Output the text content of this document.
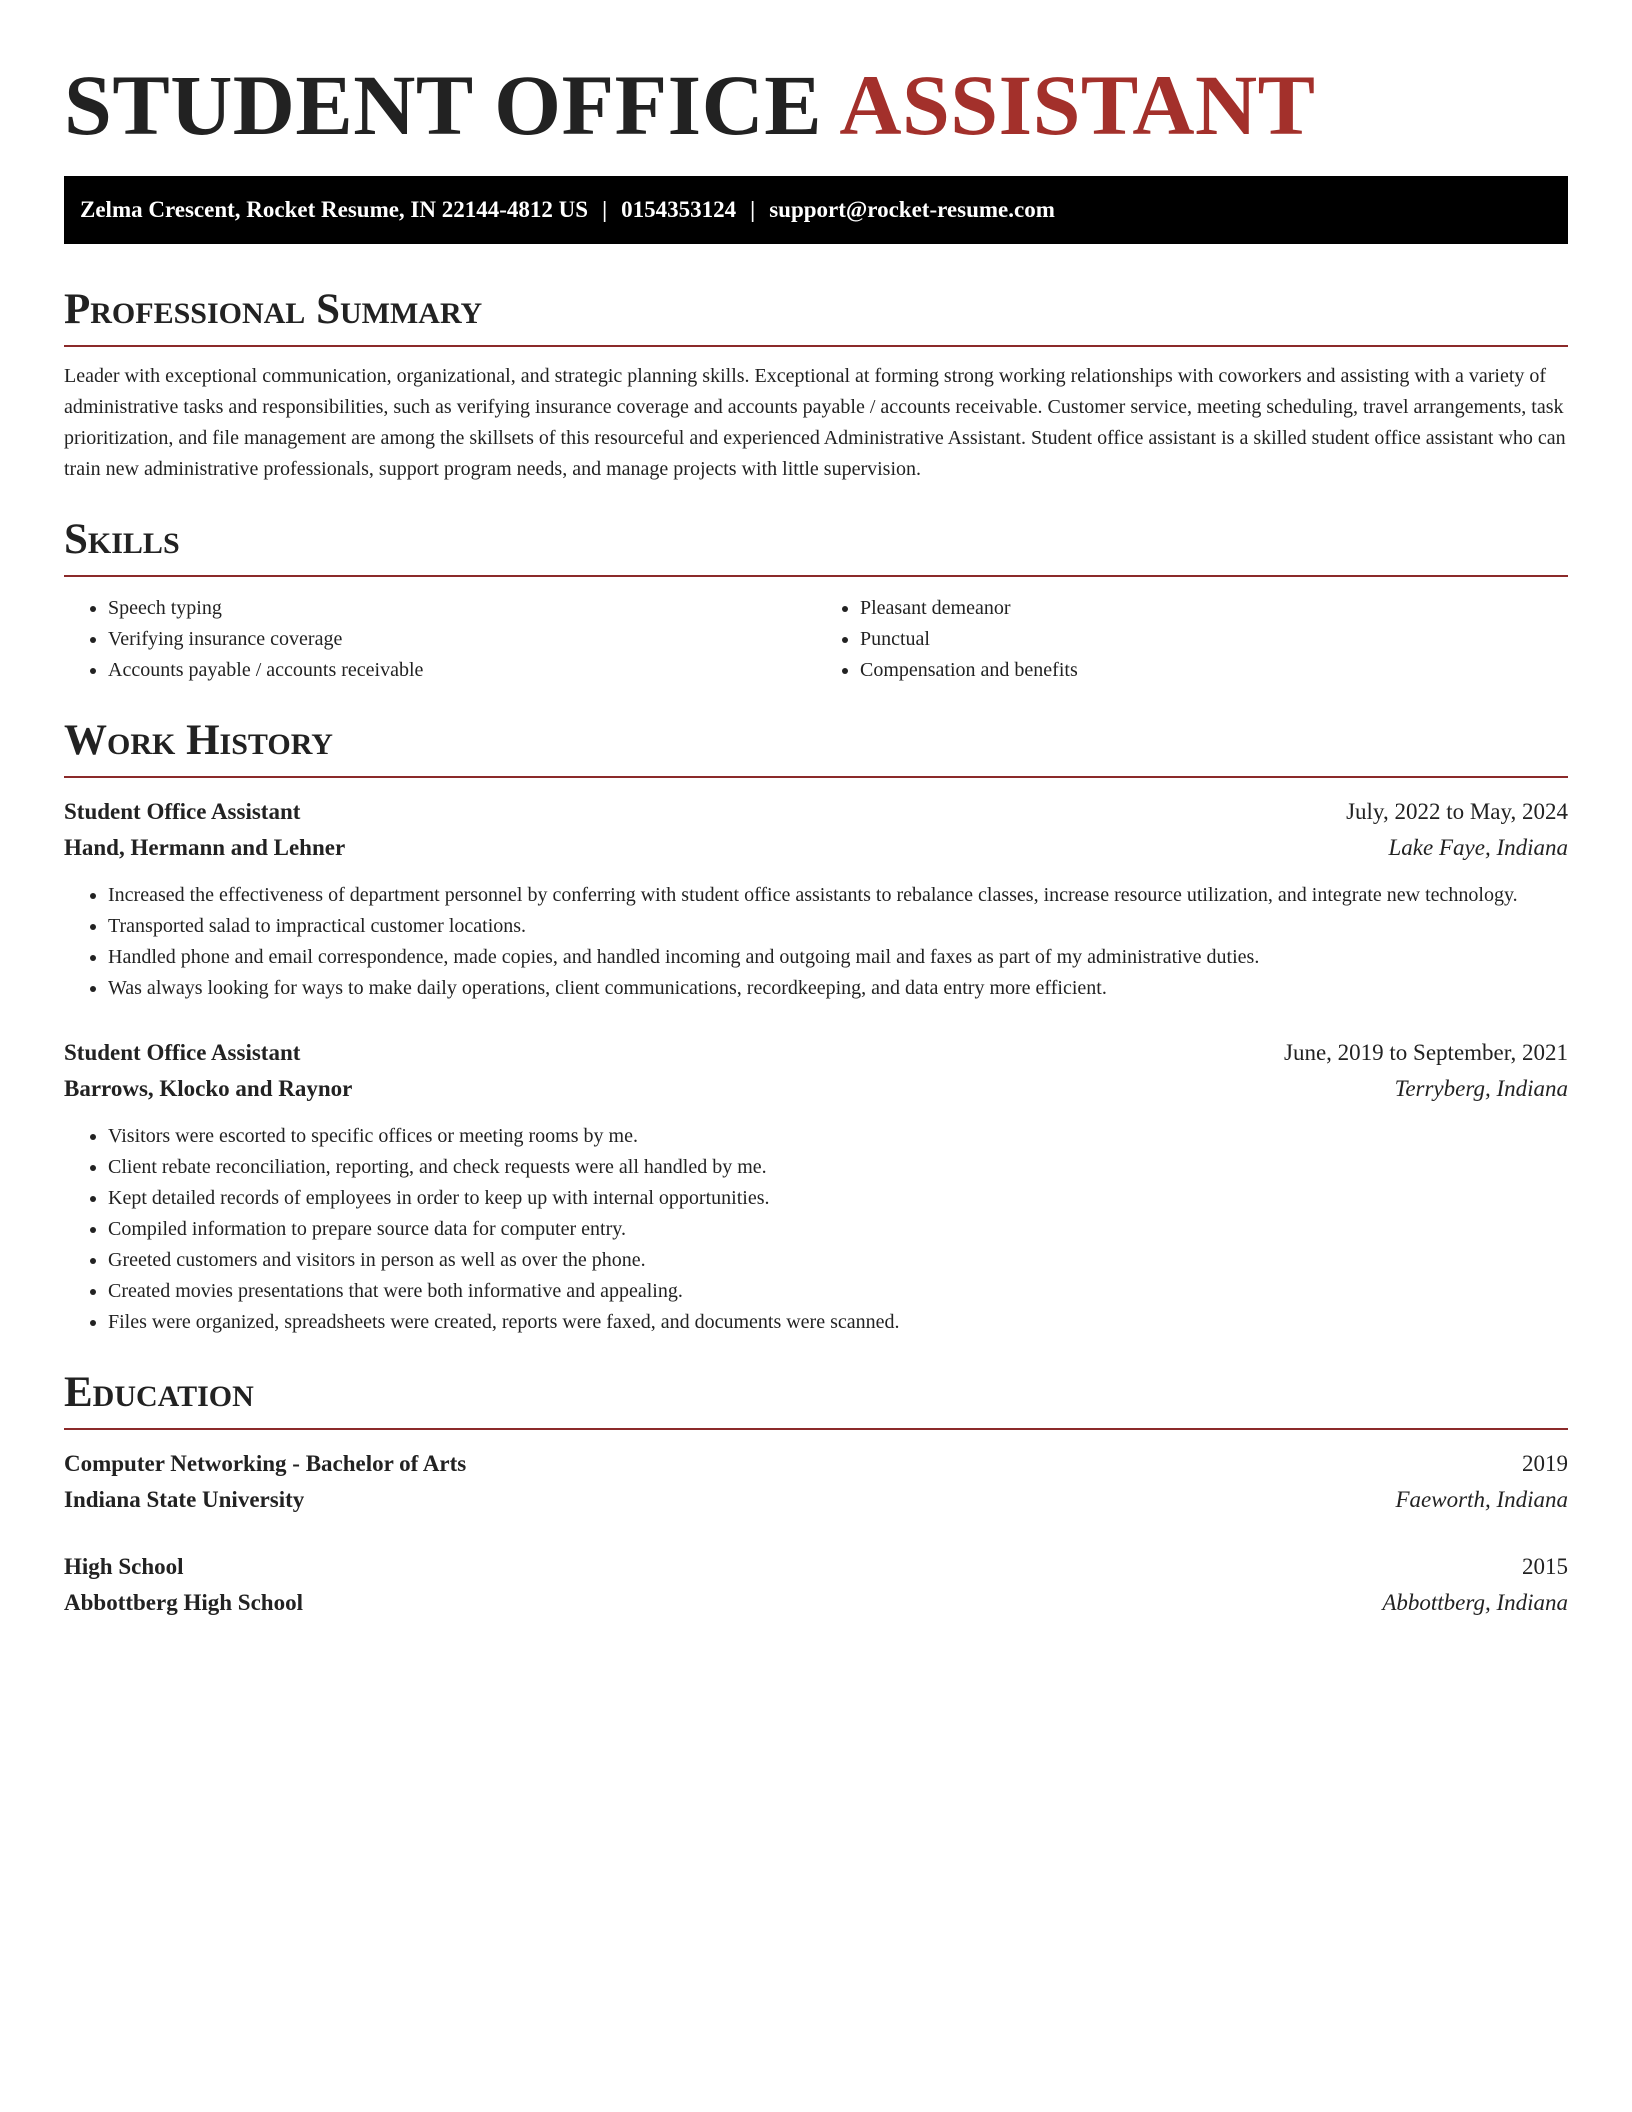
STUDENT OFFICE ASSISTANT
Zelma Crescent, Rocket Resume, IN 22144-4812 US | 0154353124 | support@rocket-resume.com
Professional Summary

Leader with exceptional communication, organizational, and strategic planning skills. Exceptional at forming strong working relationships with coworkers and assisting with a variety of administrative tasks and responsibilities, such as verifying insurance coverage and accounts payable / accounts receivable. Customer service, meeting scheduling, travel arrangements, task prioritization, and file management are among the skillsets of this resourceful and experienced Administrative Assistant. Student office assistant is a skilled student office assistant who can train new administrative professionals, support program needs, and manage projects with little supervision.

Skills
• Speech typing
• Verifying insurance coverage
• Accounts payable / accounts receivable
• Pleasant demeanor
• Punctual
• Compensation and benefits
Work History
Student Office Assistant	July, 2022 to May, 2024
Hand, Hermann and Lehner	Lake Faye, Indiana
• Increased the effectiveness of department personnel by conferring with student office assistants to rebalance classes, increase resource utilization, and integrate new technology.
• Transported salad to impractical customer locations.
• Handled phone and email correspondence, made copies, and handled incoming and outgoing mail and faxes as part of my administrative duties.
• Was always looking for ways to make daily operations, client communications, recordkeeping, and data entry more efficient.
Student Office Assistant	June, 2019 to September, 2021
Barrows, Klocko and Raynor	Terryberg, Indiana
• Visitors were escorted to specific offices or meeting rooms by me.
• Client rebate reconciliation, reporting, and check requests were all handled by me.
• Kept detailed records of employees in order to keep up with internal opportunities.
• Compiled information to prepare source data for computer entry.
• Greeted customers and visitors in person as well as over the phone.
• Created movies presentations that were both informative and appealing.
• Files were organized, spreadsheets were created, reports were faxed, and documents were scanned.
Education
Computer Networking - Bachelor of Arts	2019
Indiana State University	Faeworth, Indiana
High School	2015
Abbottberg High School	Abbottberg, Indiana
